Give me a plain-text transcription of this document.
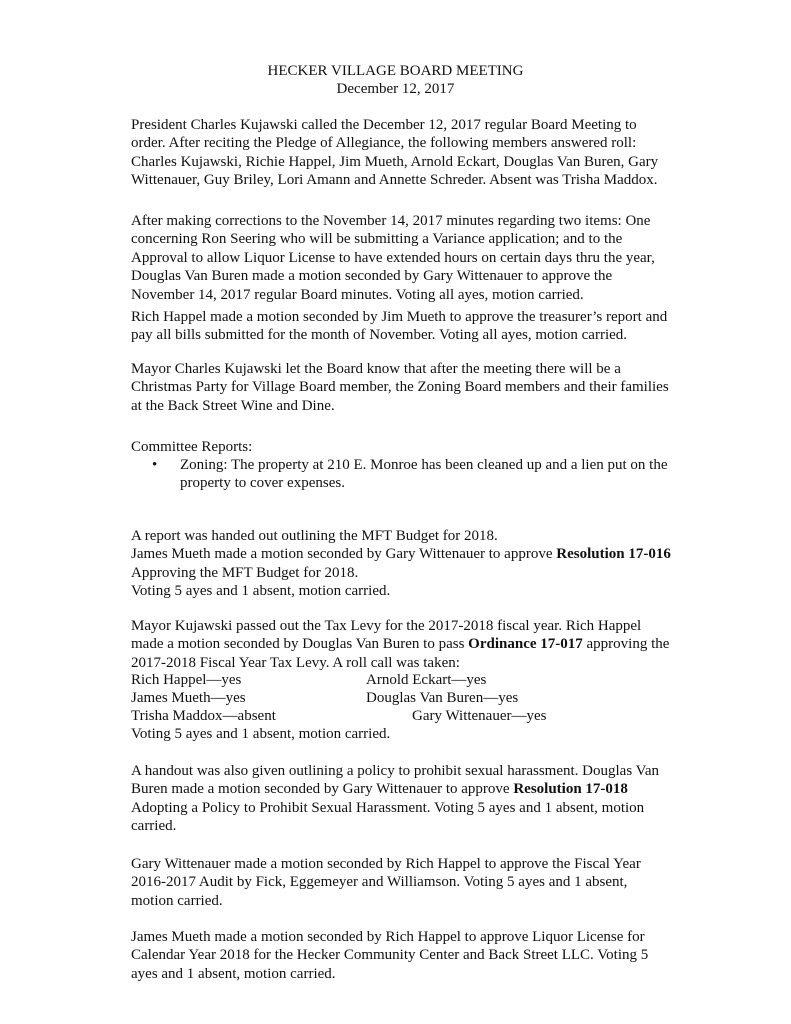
HECKER VILLAGE BOARD MEETING
December 12, 2017
President Charles Kujawski called the December 12, 2017 regular Board Meeting to
order. After reciting the Pledge of Allegiance, the following members answered roll:
Charles Kujawski, Richie Happel, Jim Mueth, Arnold Eckart, Douglas Van Buren, Gary
Wittenauer, Guy Briley, Lori Amann and Annette Schreder. Absent was Trisha Maddox.
After making corrections to the November 14, 2017 minutes regarding two items: One
concerning Ron Seering who will be submitting a Variance application; and to the
Approval to allow Liquor License to have extended hours on certain days thru the year,
Douglas Van Buren made a motion seconded by Gary Wittenauer to approve the
November 14, 2017 regular Board minutes. Voting all ayes, motion carried.
Rich Happel made a motion seconded by Jim Mueth to approve the treasurer’s report and
pay all bills submitted for the month of November. Voting all ayes, motion carried.
Mayor Charles Kujawski let the Board know that after the meeting there will be a
Christmas Party for Village Board member, the Zoning Board members and their families
at the Back Street Wine and Dine.
Committee Reports:
• Zoning: The property at 210 E. Monroe has been cleaned up and a lien put on the
property to cover expenses.
A report was handed out outlining the MFT Budget for 2018.
James Mueth made a motion seconded by Gary Wittenauer to approve Resolution 17-016
Approving the MFT Budget for 2018.
Voting 5 ayes and 1 absent, motion carried.
Mayor Kujawski passed out the Tax Levy for the 2017-2018 fiscal year. Rich Happel
made a motion seconded by Douglas Van Buren to pass Ordinance 17-017 approving the
2017-2018 Fiscal Year Tax Levy. A roll call was taken:
Rich Happel—yes	Arnold Eckart—yes
James Mueth—yes	Douglas Van Buren—yes
Trisha Maddox—absent	Gary Wittenauer—yes
Voting 5 ayes and 1 absent, motion carried.
A handout was also given outlining a policy to prohibit sexual harassment. Douglas Van
Buren made a motion seconded by Gary Wittenauer to approve Resolution 17-018
Adopting a Policy to Prohibit Sexual Harassment. Voting 5 ayes and 1 absent, motion
carried.
Gary Wittenauer made a motion seconded by Rich Happel to approve the Fiscal Year
2016-2017 Audit by Fick, Eggemeyer and Williamson. Voting 5 ayes and 1 absent,
motion carried.
James Mueth made a motion seconded by Rich Happel to approve Liquor License for
Calendar Year 2018 for the Hecker Community Center and Back Street LLC. Voting 5
ayes and 1 absent, motion carried.
